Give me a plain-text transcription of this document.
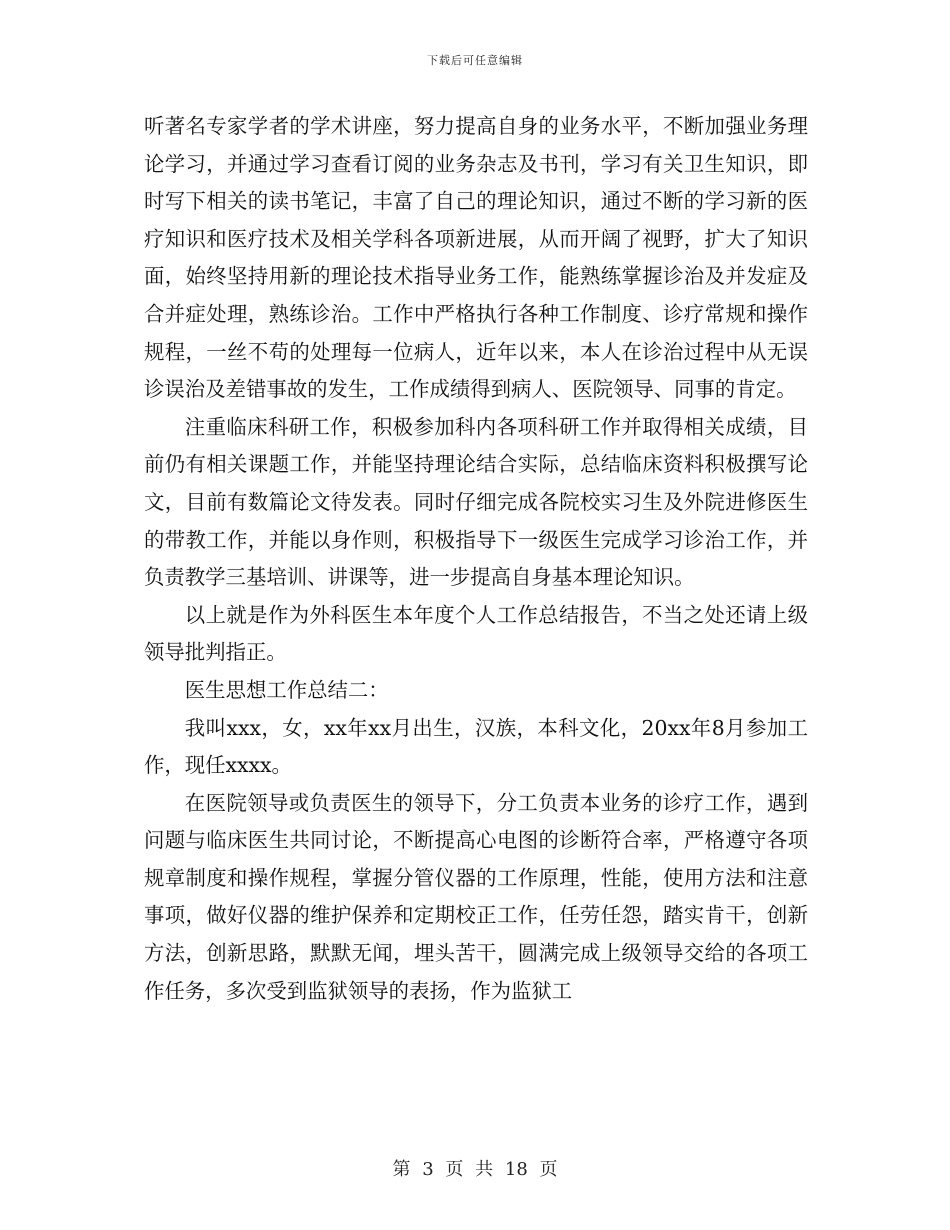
下载后可任意编辑

听著名专家学者的学术讲座，努力提高自身的业务水平，不断加强业务理论学习，并通过学习查看订阅的业务杂志及书刊，学习有关卫生知识，即时写下相关的读书笔记，丰富了自己的理论知识，通过不断的学习新的医疗知识和医疗技术及相关学科各项新进展，从而开阔了视野，扩大了知识面，始终坚持用新的理论技术指导业务工作，能熟练掌握诊治及并发症及合并症处理，熟练诊治。工作中严格执行各种工作制度、诊疗常规和操作规程，一丝不苟的处理每一位病人，近年以来，本人在诊治过程中从无误诊误治及差错事故的发生，工作成绩得到病人、医院领导、同事的肯定。

注重临床科研工作，积极参加科内各项科研工作并取得相关成绩，目前仍有相关课题工作，并能坚持理论结合实际，总结临床资料积极撰写论文，目前有数篇论文待发表。同时仔细完成各院校实习生及外院进修医生的带教工作，并能以身作则，积极指导下一级医生完成学习诊治工作，并负责教学三基培训、讲课等，进一步提高自身基本理论知识。

以上就是作为外科医生本年度个人工作总结报告，不当之处还请上级领导批判指正。

医生思想工作总结二：

我叫xxx，女，xx年xx月出生，汉族，本科文化，20xx年8月参加工作，现任xxxx。

在医院领导或负责医生的领导下，分工负责本业务的诊疗工作，遇到问题与临床医生共同讨论，不断提高心电图的诊断符合率，严格遵守各项规章制度和操作规程，掌握分管仪器的工作原理，性能，使用方法和注意事项，做好仪器的维护保养和定期校正工作，任劳任怨，踏实肯干，创新方法，创新思路，默默无闻，埋头苦干，圆满完成上级领导交给的各项工作任务，多次受到监狱领导的表扬，作为监狱工

第 3 页 共 18 页
